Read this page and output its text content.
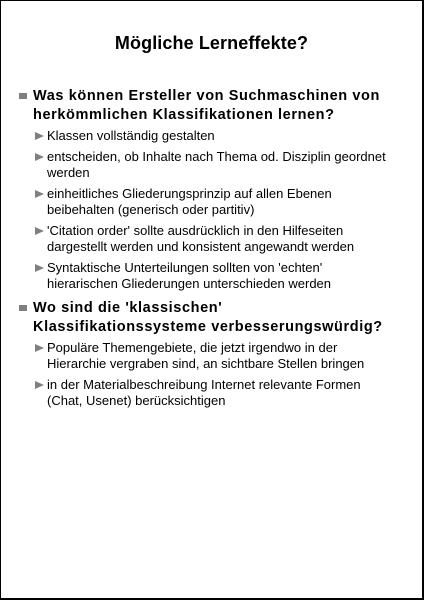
Mögliche Lerneffekte?
Was können Ersteller von Suchmaschinen von herkömmlichen Klassifikationen lernen?
Klassen vollständig gestalten
entscheiden, ob Inhalte nach Thema od. Disziplin geordnet werden
einheitliches Gliederungsprinzip auf allen Ebenen beibehalten (generisch oder partitiv)
'Citation order' sollte ausdrücklich in den Hilfeseiten dargestellt werden und konsistent angewandt werden
Syntaktische Unterteilungen sollten von 'echten' hierarischen Gliederungen unterschieden werden
Wo sind die 'klassischen' Klassifikationssysteme verbesserungswürdig?
Populäre Themengebiete, die jetzt irgendwo in der Hierarchie vergraben sind, an sichtbare Stellen bringen
in der Materialbeschreibung Internet relevante Formen (Chat, Usenet) berücksichtigen
